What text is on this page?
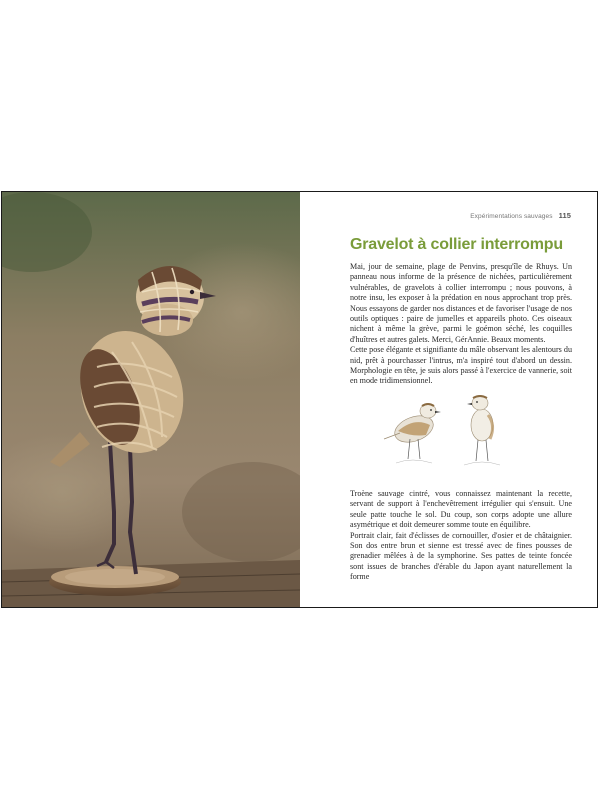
Expérimentations sauvages 115
Gravelot à collier interrompu

Mai, jour de semaine, plage de Penvins, presqu'île de Rhuys. Un panneau nous informe de la présence de nichées, particulièrement vulnérables, de gravelots à collier interrompu ; nous pouvons, à notre insu, les exposer à la prédation en nous approchant trop près. Nous essayons de garder nos distances et de favoriser l'usage de nos outils optiques : paire de jumelles et appareils photo. Ces oiseaux nichent à même la grève, parmi le goémon séché, les coquilles d'huîtres et autres galets. Merci, GérAnnie. Beaux moments.

Cette pose élégante et signifiante du mâle observant les alentours du nid, prêt à pourchasser l'intrus, m'a inspiré tout d'abord un dessin. Morphologie en tête, je suis alors passé à l'exercice de vannerie, soit en mode tridimensionnel.

Troène sauvage cintré, vous connaissez maintenant la recette, servant de support à l'enchevêtrement irrégulier qui s'ensuit. Une seule patte touche le sol. Du coup, son corps adopte une allure asymétrique et doit demeurer somme toute en équilibre.

Portrait clair, fait d'éclisses de cornouiller, d'osier et de châtaignier. Son dos entre brun et sienne est tressé avec de fines pousses de grenadier mêlées à de la symphorine. Ses pattes de teinte foncée sont issues de branches d'érable du Japon ayant naturellement la forme
